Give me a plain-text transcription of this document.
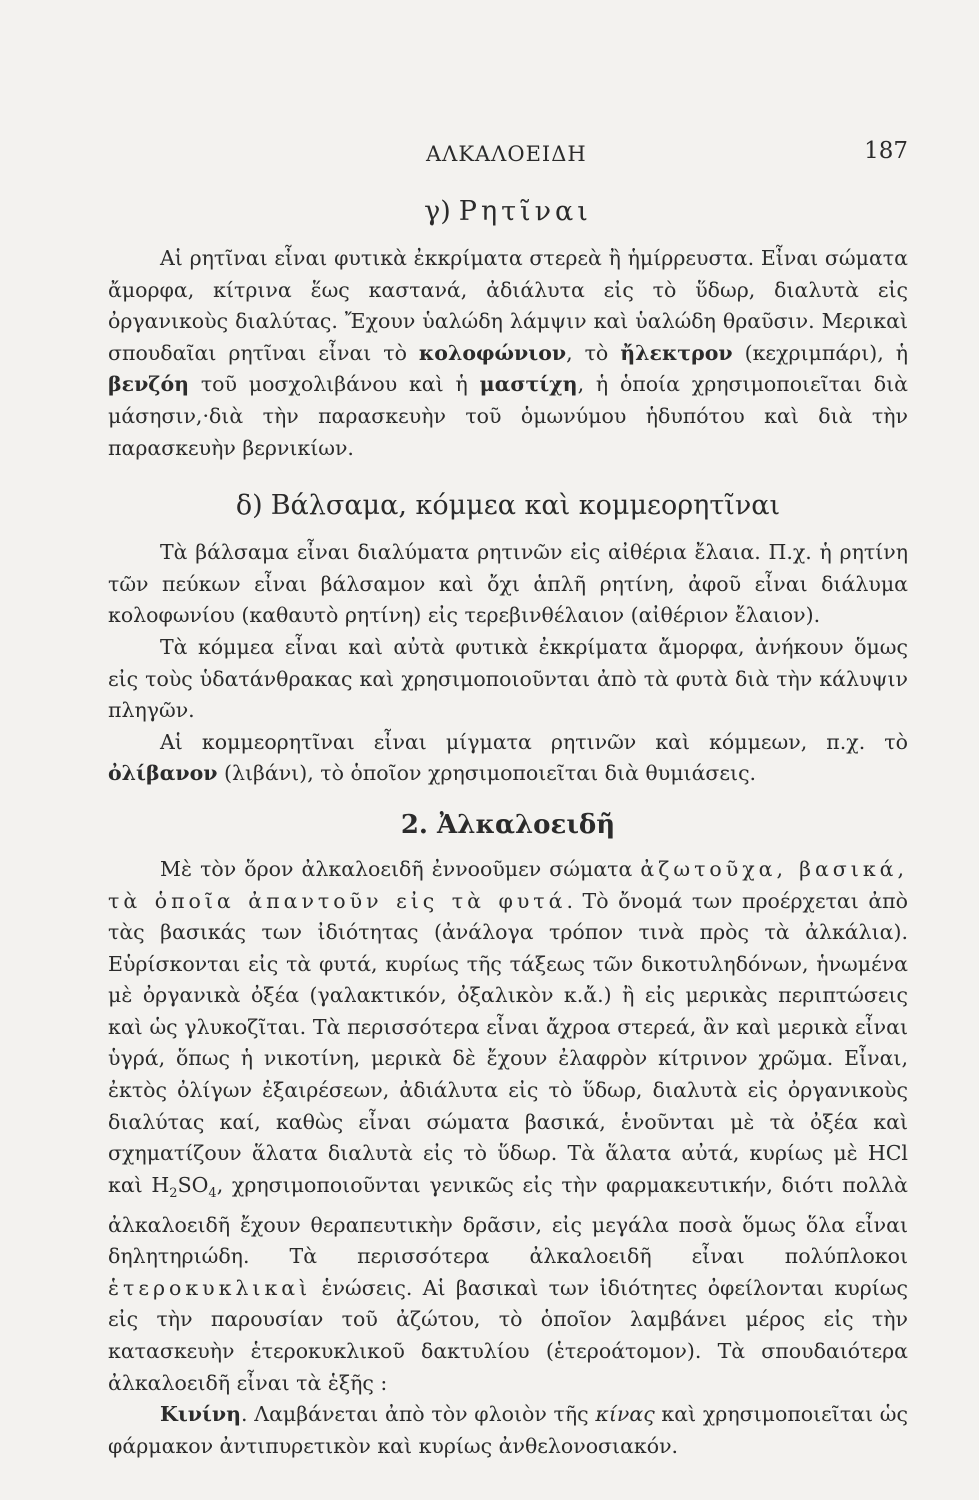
ΑΛΚΑΛΟΕΙΔΗ	187
γ) Ρητῖναι

Αἱ ρητῖναι εἶναι φυτικὰ ἐκκρίματα στερεὰ ἢ ἡμίρρευστα. Εἶναι σώματα ἄμορφα, κίτρινα ἕως καστανά, ἀδιάλυτα εἰς τὸ ὕδωρ, διαλυτὰ εἰς ὀργανικοὺς διαλύτας. Ἔχουν ὑαλώδη λάμψιν καὶ ὑαλώδη θραῦσιν. Μερικαὶ σπουδαῖαι ρητῖναι εἶναι τὸ κολοφώνιον, τὸ ἤλεκτρον (κεχριμπάρι), ἡ βενζόη τοῦ μοσχολιβάνου καὶ ἡ μαστίχη, ἡ ὁποία χρησιμοποιεῖται διὰ μάσησιν,·διὰ τὴν παρασκευὴν τοῦ ὁμωνύμου ἡδυπότου καὶ διὰ τὴν παρασκευὴν βερνικίων.

δ) Βάλσαμα, κόμμεα καὶ κομμεορητῖναι

Τὰ βάλσαμα εἶναι διαλύματα ρητινῶν εἰς αἰθέρια ἔλαια. Π.χ. ἡ ρητίνη τῶν πεύκων εἶναι βάλσαμον καὶ ὄχι ἁπλῆ ρητίνη, ἀφοῦ εἶναι διάλυμα κολοφωνίου (καθαυτὸ ρητίνη) εἰς τερεβινθέλαιον (αἰθέριον ἔλαιον).

Τὰ κόμμεα εἶναι καὶ αὐτὰ φυτικὰ ἐκκρίματα ἄμορφα, ἀνήκουν ὅμως εἰς τοὺς ὑδατάνθρακας καὶ χρησιμοποιοῦνται ἀπὸ τὰ φυτὰ διὰ τὴν κάλυψιν πληγῶν.

Αἱ κομμεορητῖναι εἶναι μίγματα ρητινῶν καὶ κόμμεων, π.χ. τὸ ὀλίβανον (λιβάνι), τὸ ὁποῖον χρησιμοποιεῖται διὰ θυμιάσεις.

2. Ἀλκαλοειδῆ

Μὲ τὸν ὅρον ἀλκαλοειδῆ ἐννοοῦμεν σώματα ἀζωτοῦχα, βασικά, τὰ ὁποῖα ἀπαντοῦν εἰς τὰ φυτά. Τὸ ὄνομά των προέρχεται ἀπὸ τὰς βασικάς των ἰδιότητας (ἀνάλογα τρόπον τινὰ πρὸς τὰ ἀλκάλια). Εὑρίσκονται εἰς τὰ φυτά, κυρίως τῆς τάξεως τῶν δικοτυληδόνων, ἡνωμένα μὲ ὀργανικὰ ὀξέα (γαλακτικόν, ὀξαλικὸν κ.ἄ.) ἢ εἰς μερικὰς περιπτώσεις καὶ ὡς γλυκοζῖται. Τὰ περισσότερα εἶναι ἄχροα στερεά, ἂν καὶ μερικὰ εἶναι ὑγρά, ὅπως ἡ νικοτίνη, μερικὰ δὲ ἔχουν ἐλαφρὸν κίτρινον χρῶμα. Εἶναι, ἐκτὸς ὀλίγων ἐξαιρέσεων, ἀδιάλυτα εἰς τὸ ὕδωρ, διαλυτὰ εἰς ὀργανικοὺς διαλύτας καί, καθὼς εἶναι σώματα βασικά, ἑνοῦνται μὲ τὰ ὀξέα καὶ σχηματίζουν ἅλατα διαλυτὰ εἰς τὸ ὕδωρ. Τὰ ἅλατα αὐτά, κυρίως μὲ HCl καὶ $H_2SO_4$, χρησιμοποιοῦνται γενικῶς εἰς τὴν φαρμακευτικήν, διότι πολλὰ ἀλκαλοειδῆ ἔχουν θεραπευτικὴν δρᾶσιν, εἰς μεγάλα ποσὰ ὅμως ὅλα εἶναι δηλητηριώδη. Τὰ περισσότερα ἀλκαλοειδῆ εἶναι πολύπλοκοι ἑτεροκυκλικαὶ ἑνώσεις. Αἱ βασικαὶ των ἰδιότητες ὀφείλονται κυρίως εἰς τὴν παρουσίαν τοῦ ἀζώτου, τὸ ὁποῖον λαμβάνει μέρος εἰς τὴν κατασκευὴν ἑτεροκυκλικοῦ δακτυλίου (ἑτεροάτομον). Τὰ σπουδαιότερα ἀλκαλοειδῆ εἶναι τὰ ἑξῆς :

Κινίνη. Λαμβάνεται ἀπὸ τὸν φλοιὸν τῆς κίνας καὶ χρησιμοποιεῖται ὡς φάρμακον ἀντιπυρετικὸν καὶ κυρίως ἀνθελονοσιακόν.
